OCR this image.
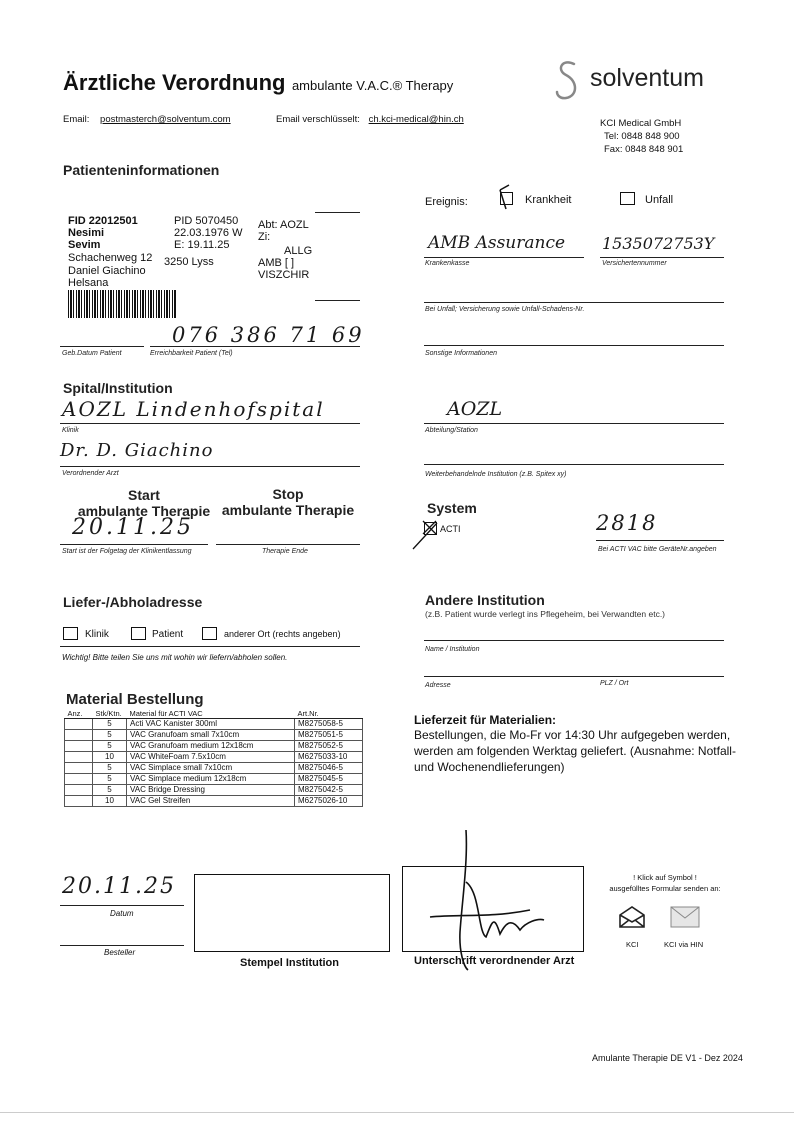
Ärztliche Verordnung ambulante V.A.C.® Therapy	solventum
Email: postmasterch@solventum.com	Email verschlüsselt: ch.kci-medical@hin.ch	KCI Medical GmbH
Tel: 0848 848 900
Fax: 0848 848 901
Patienteninformationen
FID 22012501	PID 5070450 Abt: AOZL
Nesimi	22.03.1976 W Zi:
Sevim	E: 19.11.25	ALLG
Schachenweg 12 3250 Lyss	AMB [ ]
Daniel Giachino	VISZCHIR
Helsana
Geb.Datum Patient	Erreichbarkeit Patient (Tel)
076 386 71 69
Ereignis:	Krankheit	Unfall
AMB Assurance
Krankenkasse
1535072753Y
Versichertennummer
Bei Unfall; Versicherung sowie Unfall-Schadens-Nr.
Sonstige Informationen
Spital/Institution
AOZL Lindenhofspital
Klinik
Dr. D. Giachino
Verordnender Arzt
AOZL
Abteilung/Station
Weiterbehandelnde Institution (z.B. Spitex xy)
Start
ambulante Therapie
Stop
ambulante Therapie
20.11.25
Start ist der Folgetag der Klinikentlassung	Therapie Ende
System
ACTI	2818
Bei ACTI VAC bitte GeräteNr.angeben
Liefer-/Abholadresse
Klinik	Patient	anderer Ort (rechts angeben)
Wichtig! Bitte teilen Sie uns mit wohin wir liefern/abholen sollen.
Andere Institution
(z.B. Patient wurde verlegt ins Pflegeheim, bei Verwandten etc.)
Name / Institution
Adresse	PLZ / Ort
Material Bestellung
Anz.	Stk/Ktn.	Material für ACTI VAC	Art.Nr.
	5	Acti VAC Kanister 300ml	M8275058-5
	5	VAC Granufoam small 7x10cm	M8275051-5
	5	VAC Granufoam medium 12x18cm	M8275052-5
	10	VAC WhiteFoam 7.5x10cm	M6275033-10
	5	VAC Simplace small 7x10cm	M8275046-5
	5	VAC Simplace medium 12x18cm	M8275045-5
	5	VAC Bridge Dressing	M8275042-5
	10	VAC Gel Streifen	M6275026-10
Lieferzeit für Materialien:
Bestellungen, die Mo-Fr vor 14:30 Uhr aufgegeben werden, werden am folgenden Werktag geliefert. (Ausnahme: Notfall- und Wochenendlieferungen)
20.11.25
Datum
Besteller
Stempel Institution	Unterschrift verordnender Arzt
! Klick auf Symbol !
ausgefülltes Formular senden an:
KCI	KCI via HIN
Amulante Therapie DE V1 - Dez 2024
